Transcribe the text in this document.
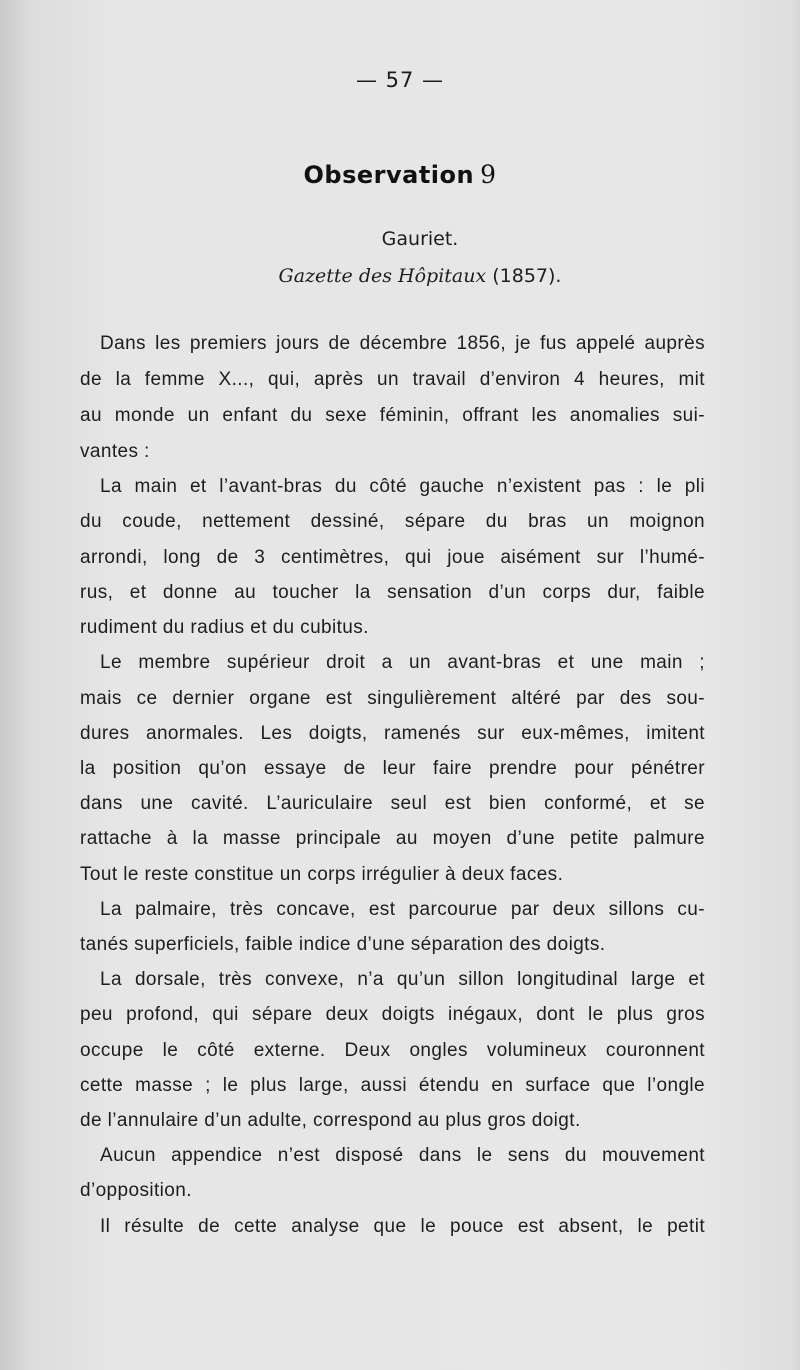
— 57 —
Observation 9
Gauriet.
Gazette des Hôpitaux (1857).
Dans les premiers jours de décembre 1856, je fus appelé auprès
de la femme X..., qui, après un travail d’environ 4 heures, mit
au monde un enfant du sexe féminin, offrant les anomalies sui-
vantes :
La main et l’avant-bras du côté gauche n’existent pas : le pli
du coude, nettement dessiné, sépare du bras un moignon
arrondi, long de 3 centimètres, qui joue aisément sur l’humé-
rus, et donne au toucher la sensation d’un corps dur, faible
rudiment du radius et du cubitus.
Le membre supérieur droit a un avant-bras et une main ;
mais ce dernier organe est singulièrement altéré par des sou-
dures anormales. Les doigts, ramenés sur eux-mêmes, imitent
la position qu’on essaye de leur faire prendre pour pénétrer
dans une cavité. L’auriculaire seul est bien conformé, et se
rattache à la masse principale au moyen d’une petite palmure
Tout le reste constitue un corps irrégulier à deux faces.
La palmaire, très concave, est parcourue par deux sillons cu-
tanés superficiels, faible indice d’une séparation des doigts.
La dorsale, très convexe, n’a qu’un sillon longitudinal large et
peu profond, qui sépare deux doigts inégaux, dont le plus gros
occupe le côté externe. Deux ongles volumineux couronnent
cette masse ; le plus large, aussi étendu en surface que l’ongle
de l’annulaire d’un adulte, correspond au plus gros doigt.
Aucun appendice n’est disposé dans le sens du mouvement
d’opposition.
Il résulte de cette analyse que le pouce est absent, le petit
